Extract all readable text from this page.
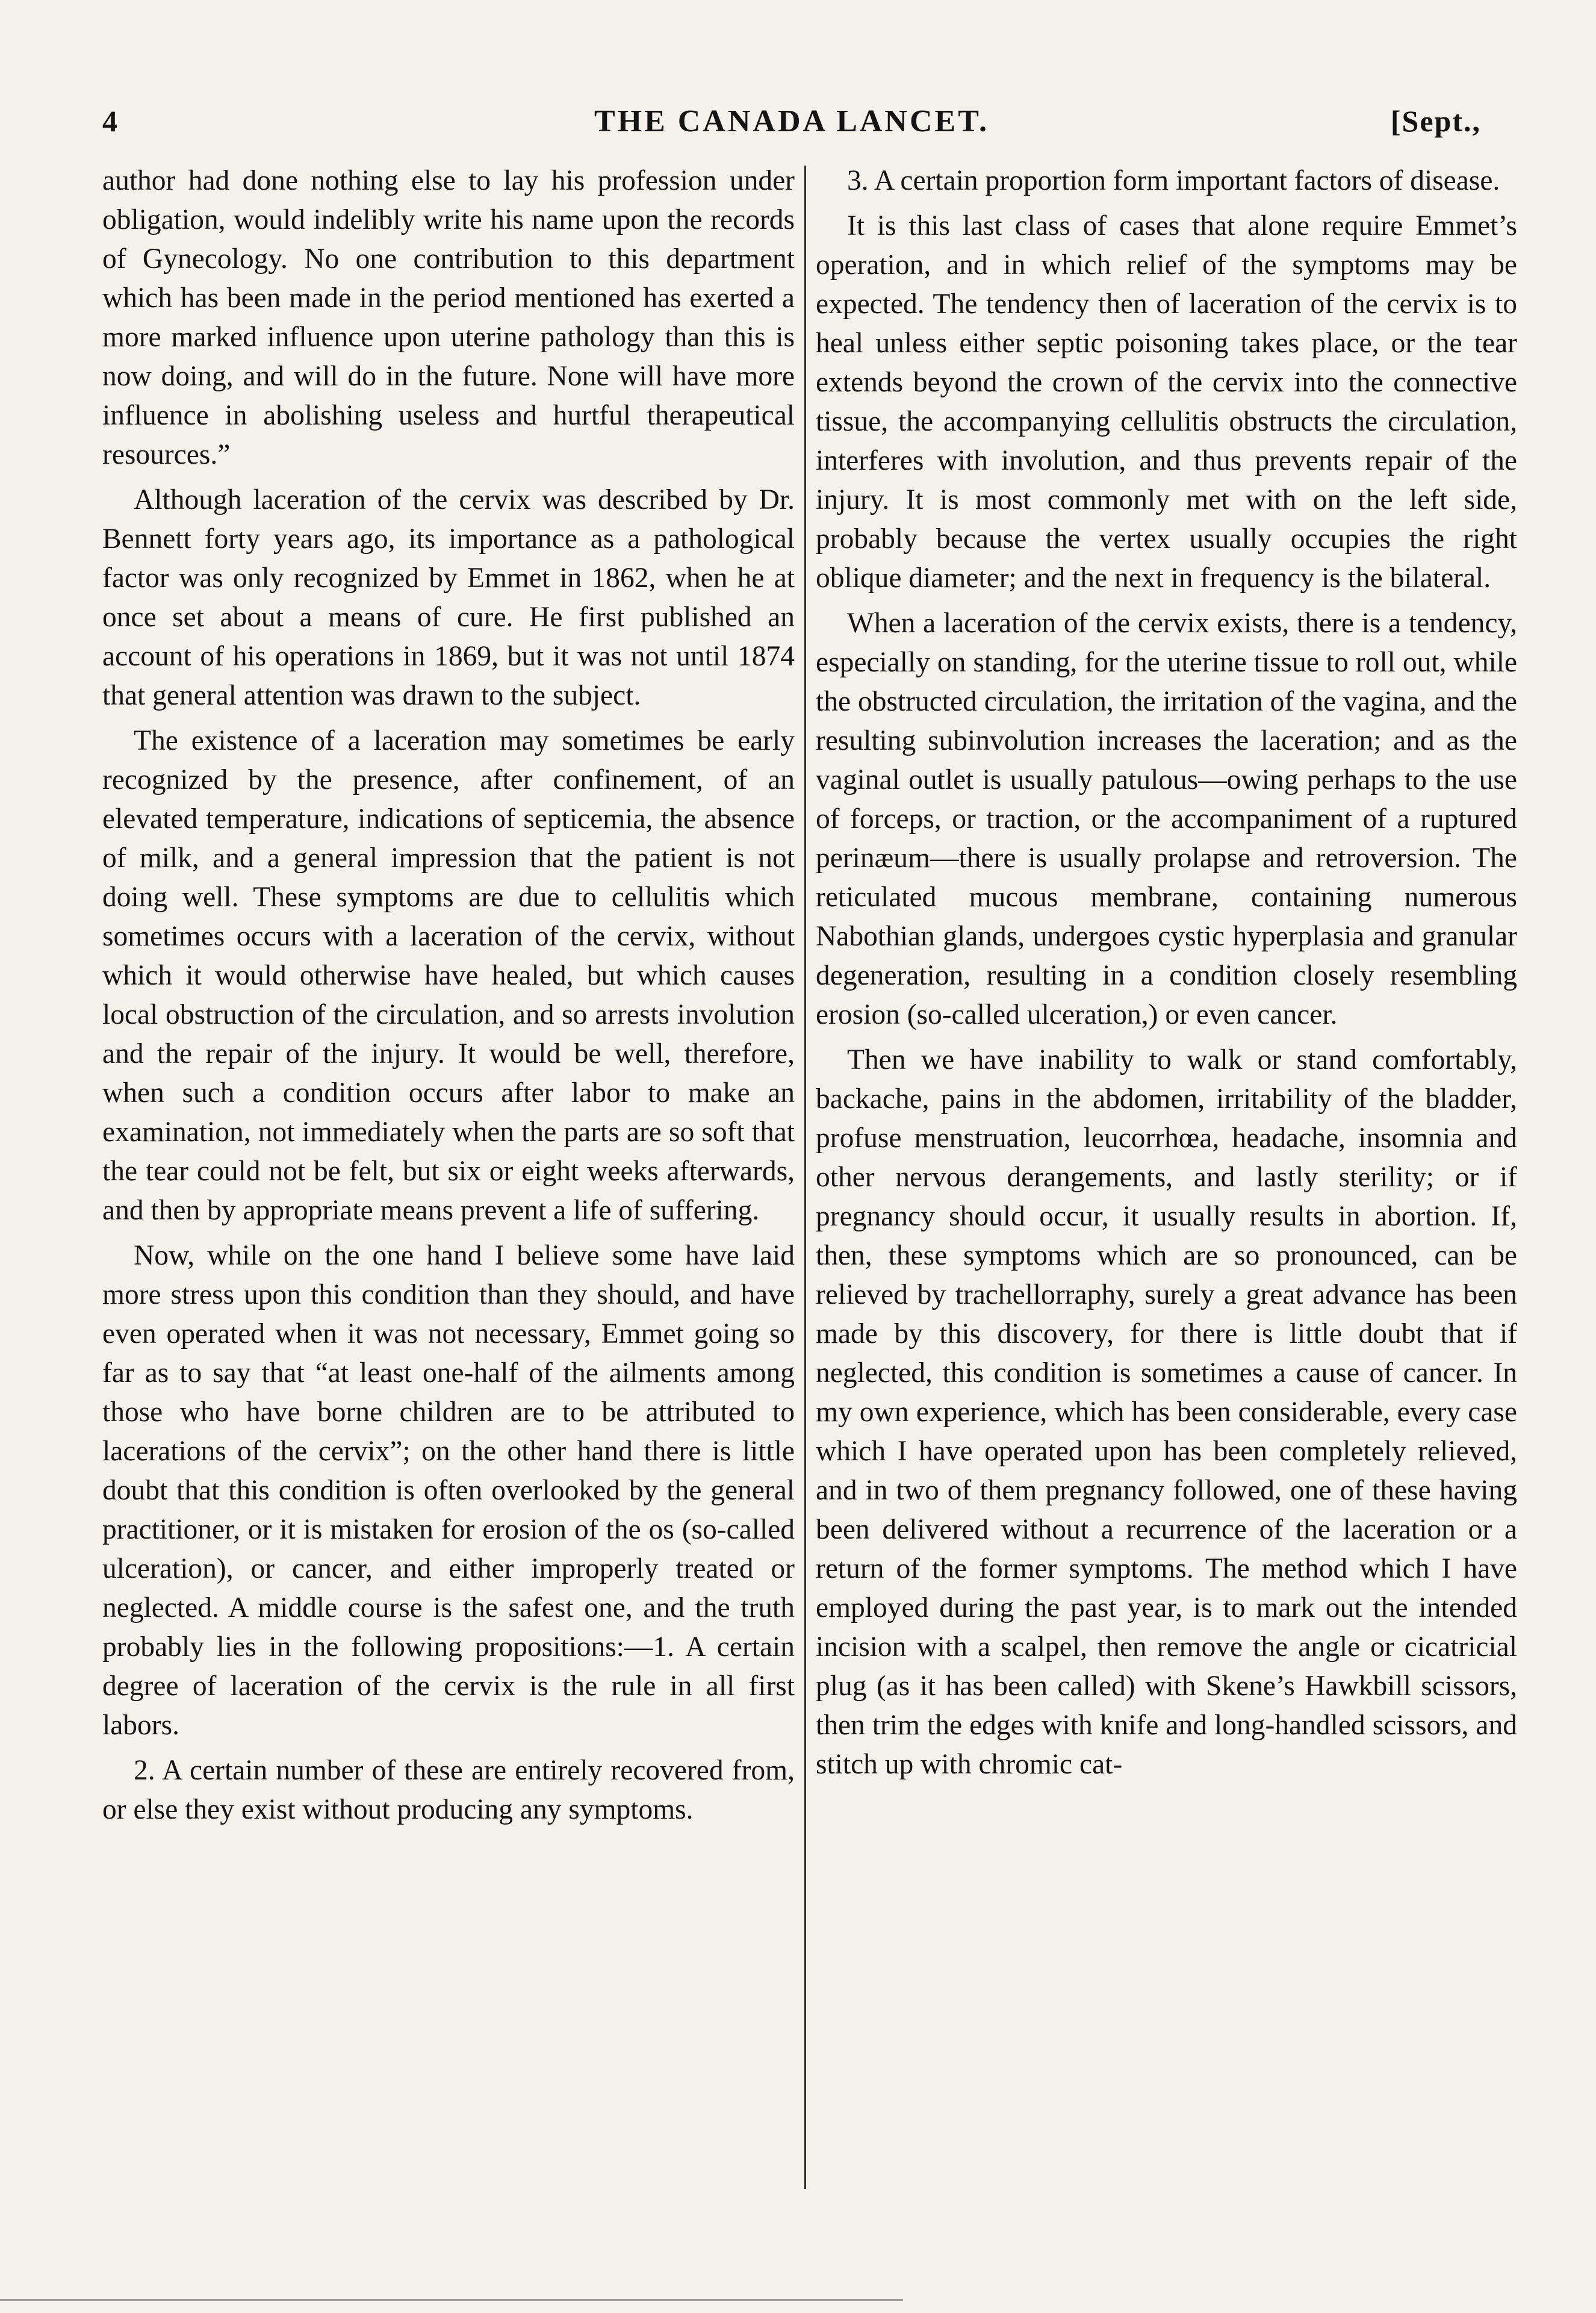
4	THE CANADA LANCET.	[Sept.,

author had done nothing else to lay his profession under obligation, would indelibly write his name upon the records of Gynecology. No one contribution to this department which has been made in the period mentioned has exerted a more marked influence upon uterine pathology than this is now doing, and will do in the future. None will have more influence in abolishing useless and hurtful therapeutical resources.”

Although laceration of the cervix was described by Dr. Bennett forty years ago, its importance as a pathological factor was only recognized by Emmet in 1862, when he at once set about a means of cure. He first published an account of his operations in 1869, but it was not until 1874 that general attention was drawn to the subject.

The existence of a laceration may sometimes be early recognized by the presence, after confinement, of an elevated temperature, indications of septicemia, the absence of milk, and a general impression that the patient is not doing well. These symptoms are due to cellulitis which sometimes occurs with a laceration of the cervix, without which it would otherwise have healed, but which causes local obstruction of the circulation, and so arrests involution and the repair of the injury. It would be well, therefore, when such a condition occurs after labor to make an examination, not immediately when the parts are so soft that the tear could not be felt, but six or eight weeks afterwards, and then by appropriate means prevent a life of suffering.

Now, while on the one hand I believe some have laid more stress upon this condition than they should, and have even operated when it was not necessary, Emmet going so far as to say that “at least one-half of the ailments among those who have borne children are to be attributed to lacerations of the cervix”; on the other hand there is little doubt that this condition is often overlooked by the general practitioner, or it is mistaken for erosion of the os (so-called ulceration), or cancer, and either improperly treated or neglected. A middle course is the safest one, and the truth probably lies in the following propositions:—1. A certain degree of laceration of the cervix is the rule in all first labors.

2. A certain number of these are entirely recovered from, or else they exist without producing any symptoms.

3. A certain proportion form important factors of disease.

It is this last class of cases that alone require Emmet’s operation, and in which relief of the symptoms may be expected. The tendency then of laceration of the cervix is to heal unless either septic poisoning takes place, or the tear extends beyond the crown of the cervix into the connective tissue, the accompanying cellulitis obstructs the circulation, interferes with involution, and thus prevents repair of the injury. It is most commonly met with on the left side, probably because the vertex usually occupies the right oblique diameter; and the next in frequency is the bilateral.

When a laceration of the cervix exists, there is a tendency, especially on standing, for the uterine tissue to roll out, while the obstructed circulation, the irritation of the vagina, and the resulting subinvolution increases the laceration; and as the vaginal outlet is usually patulous—owing perhaps to the use of forceps, or traction, or the accompaniment of a ruptured perinæum—there is usually prolapse and retroversion. The reticulated mucous membrane, containing numerous Nabothian glands, undergoes cystic hyperplasia and granular degeneration, resulting in a condition closely resembling erosion (so-called ulceration,) or even cancer.

Then we have inability to walk or stand comfortably, backache, pains in the abdomen, irritability of the bladder, profuse menstruation, leucorrhœa, headache, insomnia and other nervous derangements, and lastly sterility; or if pregnancy should occur, it usually results in abortion. If, then, these symptoms which are so pronounced, can be relieved by trachellorraphy, surely a great advance has been made by this discovery, for there is little doubt that if neglected, this condition is sometimes a cause of cancer. In my own experience, which has been considerable, every case which I have operated upon has been completely relieved, and in two of them pregnancy followed, one of these having been delivered without a recurrence of the laceration or a return of the former symptoms. The method which I have employed during the past year, is to mark out the intended incision with a scalpel, then remove the angle or cicatricial plug (as it has been called) with Skene’s Hawkbill scissors, then trim the edges with knife and long-handled scissors, and stitch up with chromic cat-
